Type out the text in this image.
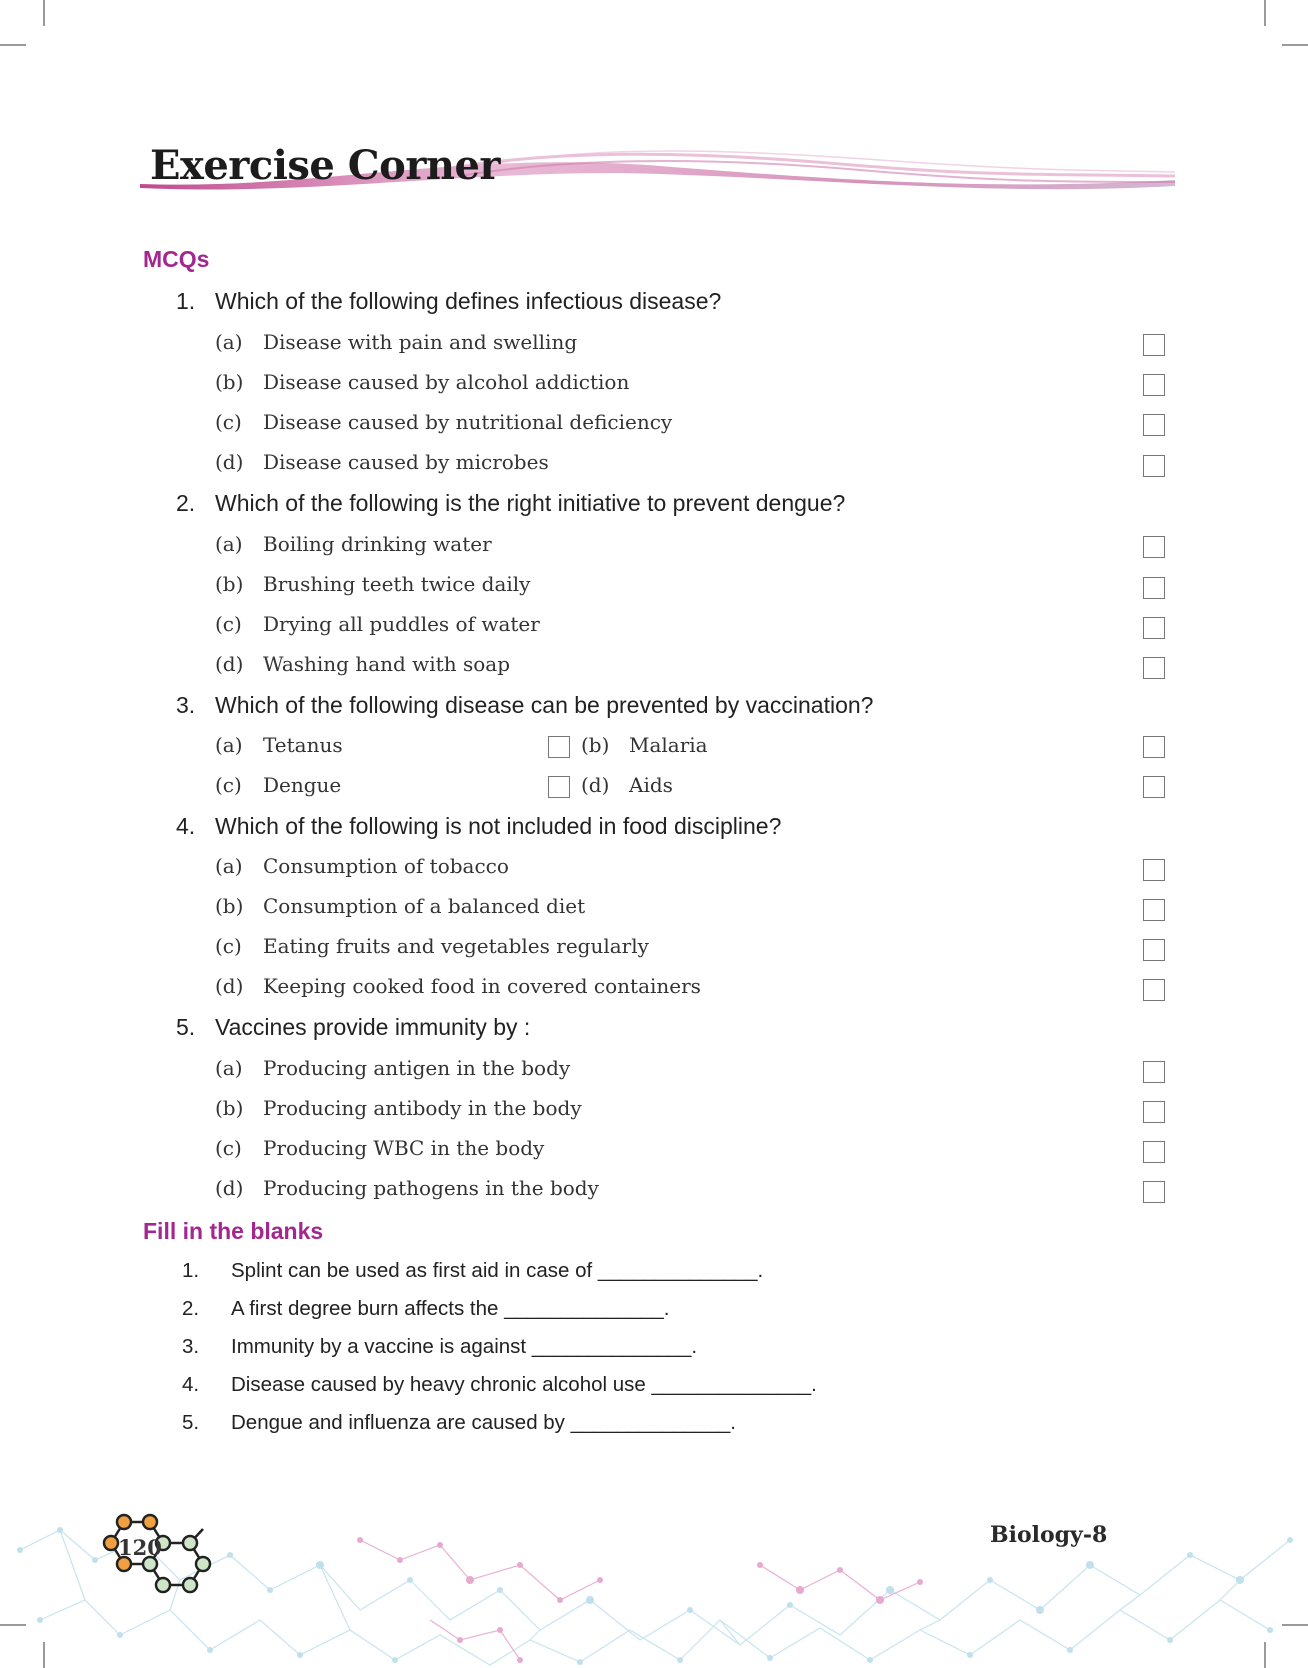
Exercise Corner
MCQs
1. Which of the following defines infectious disease?
(a) Disease with pain and swelling
(b) Disease caused by alcohol addiction
(c) Disease caused by nutritional deficiency
(d) Disease caused by microbes
2. Which of the following is the right initiative to prevent dengue?
(a) Boiling drinking water
(b) Brushing teeth twice daily
(c) Drying all puddles of water
(d) Washing hand with soap
3. Which of the following disease can be prevented by vaccination?
(a) Tetanus	(b) Malaria
(c) Dengue	(d) Aids
4. Which of the following is not included in food discipline?
(a) Consumption of tobacco
(b) Consumption of a balanced diet
(c) Eating fruits and vegetables regularly
(d) Keeping cooked food in covered containers
5. Vaccines provide immunity by :
(a) Producing antigen in the body
(b) Producing antibody in the body
(c) Producing WBC in the body
(d) Producing pathogens in the body
Fill in the blanks
1. Splint can be used as first aid in case of ______________.
2. A first degree burn affects the ______________.
3. Immunity by a vaccine is against ______________.
4. Disease caused by heavy chronic alcohol use ______________.
5. Dengue and influenza are caused by ______________.
120	Biology-8
